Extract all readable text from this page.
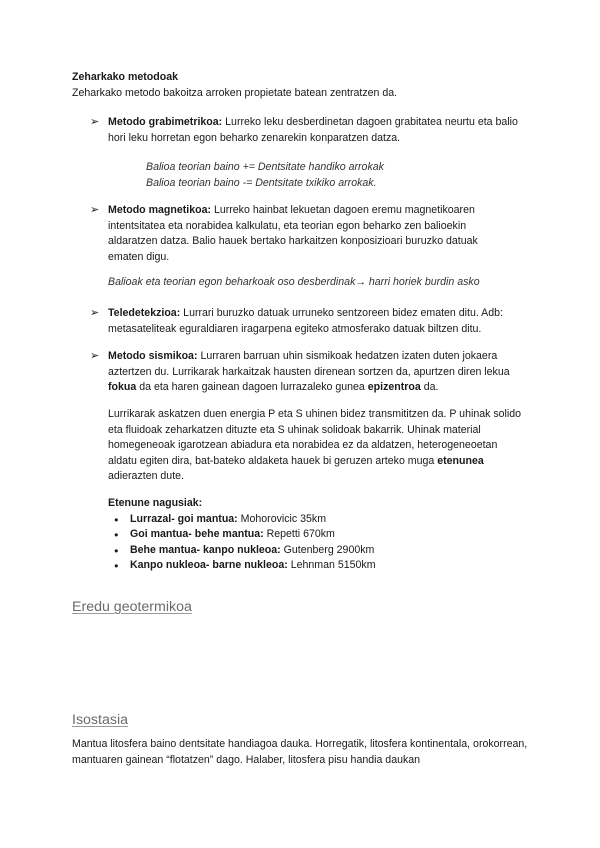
Zeharkako metodoak
Zeharkako metodo bakoitza arroken propietate batean zentratzen da.
➢ Metodo grabimetrikoa: Lurreko leku desberdinetan dagoen grabitatea neurtu eta balio hori leku horretan egon beharko zenarekin konparatzen datza.
Balioa teorian baino += Dentsitate handiko arrokak
Balioa teorian baino -= Dentsitate txikiko arrokak.
➢ Metodo magnetikoa: Lurreko hainbat lekuetan dagoen eremu magnetikoaren intentsitatea eta norabidea kalkulatu, eta teorian egon beharko zen balioekin aldaratzen datza. Balio hauek bertako harkaitzen konposizioari buruzko datuak ematen digu.
Balioak eta teorian egon beharkoak oso desberdinak→ harri horiek burdin asko
➢ Teledetekzioa: Lurrari buruzko datuak urruneko sentzoreen bidez ematen ditu. Adb: metasateliteak eguraldiaren iragarpena egiteko atmosferako datuak biltzen ditu.
➢ Metodo sismikoa: Lurraren barruan uhin sismikoak hedatzen izaten duten jokaera aztertzen du. Lurrikarak harkaitzak hausten direnean sortzen da, apurtzen diren lekua fokua da eta haren gainean dagoen lurrazaleko gunea epizentroa da.
Lurrikarak askatzen duen energia P eta S uhinen bidez transmititzen da. P uhinak solido eta fluidoak zeharkatzen dituzte eta S uhinak solidoak bakarrik. Uhinak material homegeneoak igarotzean abiadura eta norabidea ez da aldatzen, heterogeneoetan aldatu egiten dira, bat-bateko aldaketa hauek bi geruzen arteko muga etenunea adierazten dute.
Etenune nagusiak:
● Lurrazal- goi mantua: Mohorovicic 35km
● Goi mantua- behe mantua: Repetti 670km
● Behe mantua- kanpo nukleoa: Gutenberg 2900km
● Kanpo nukleoa- barne nukleoa: Lehnman 5150km
Eredu geotermikoa
Isostasia
Mantua litosfera baino dentsitate handiagoa dauka. Horregatik, litosfera kontinentala, orokorrean, mantuaren gainean “flotatzen” dago. Halaber, litosfera pisu handia daukan
